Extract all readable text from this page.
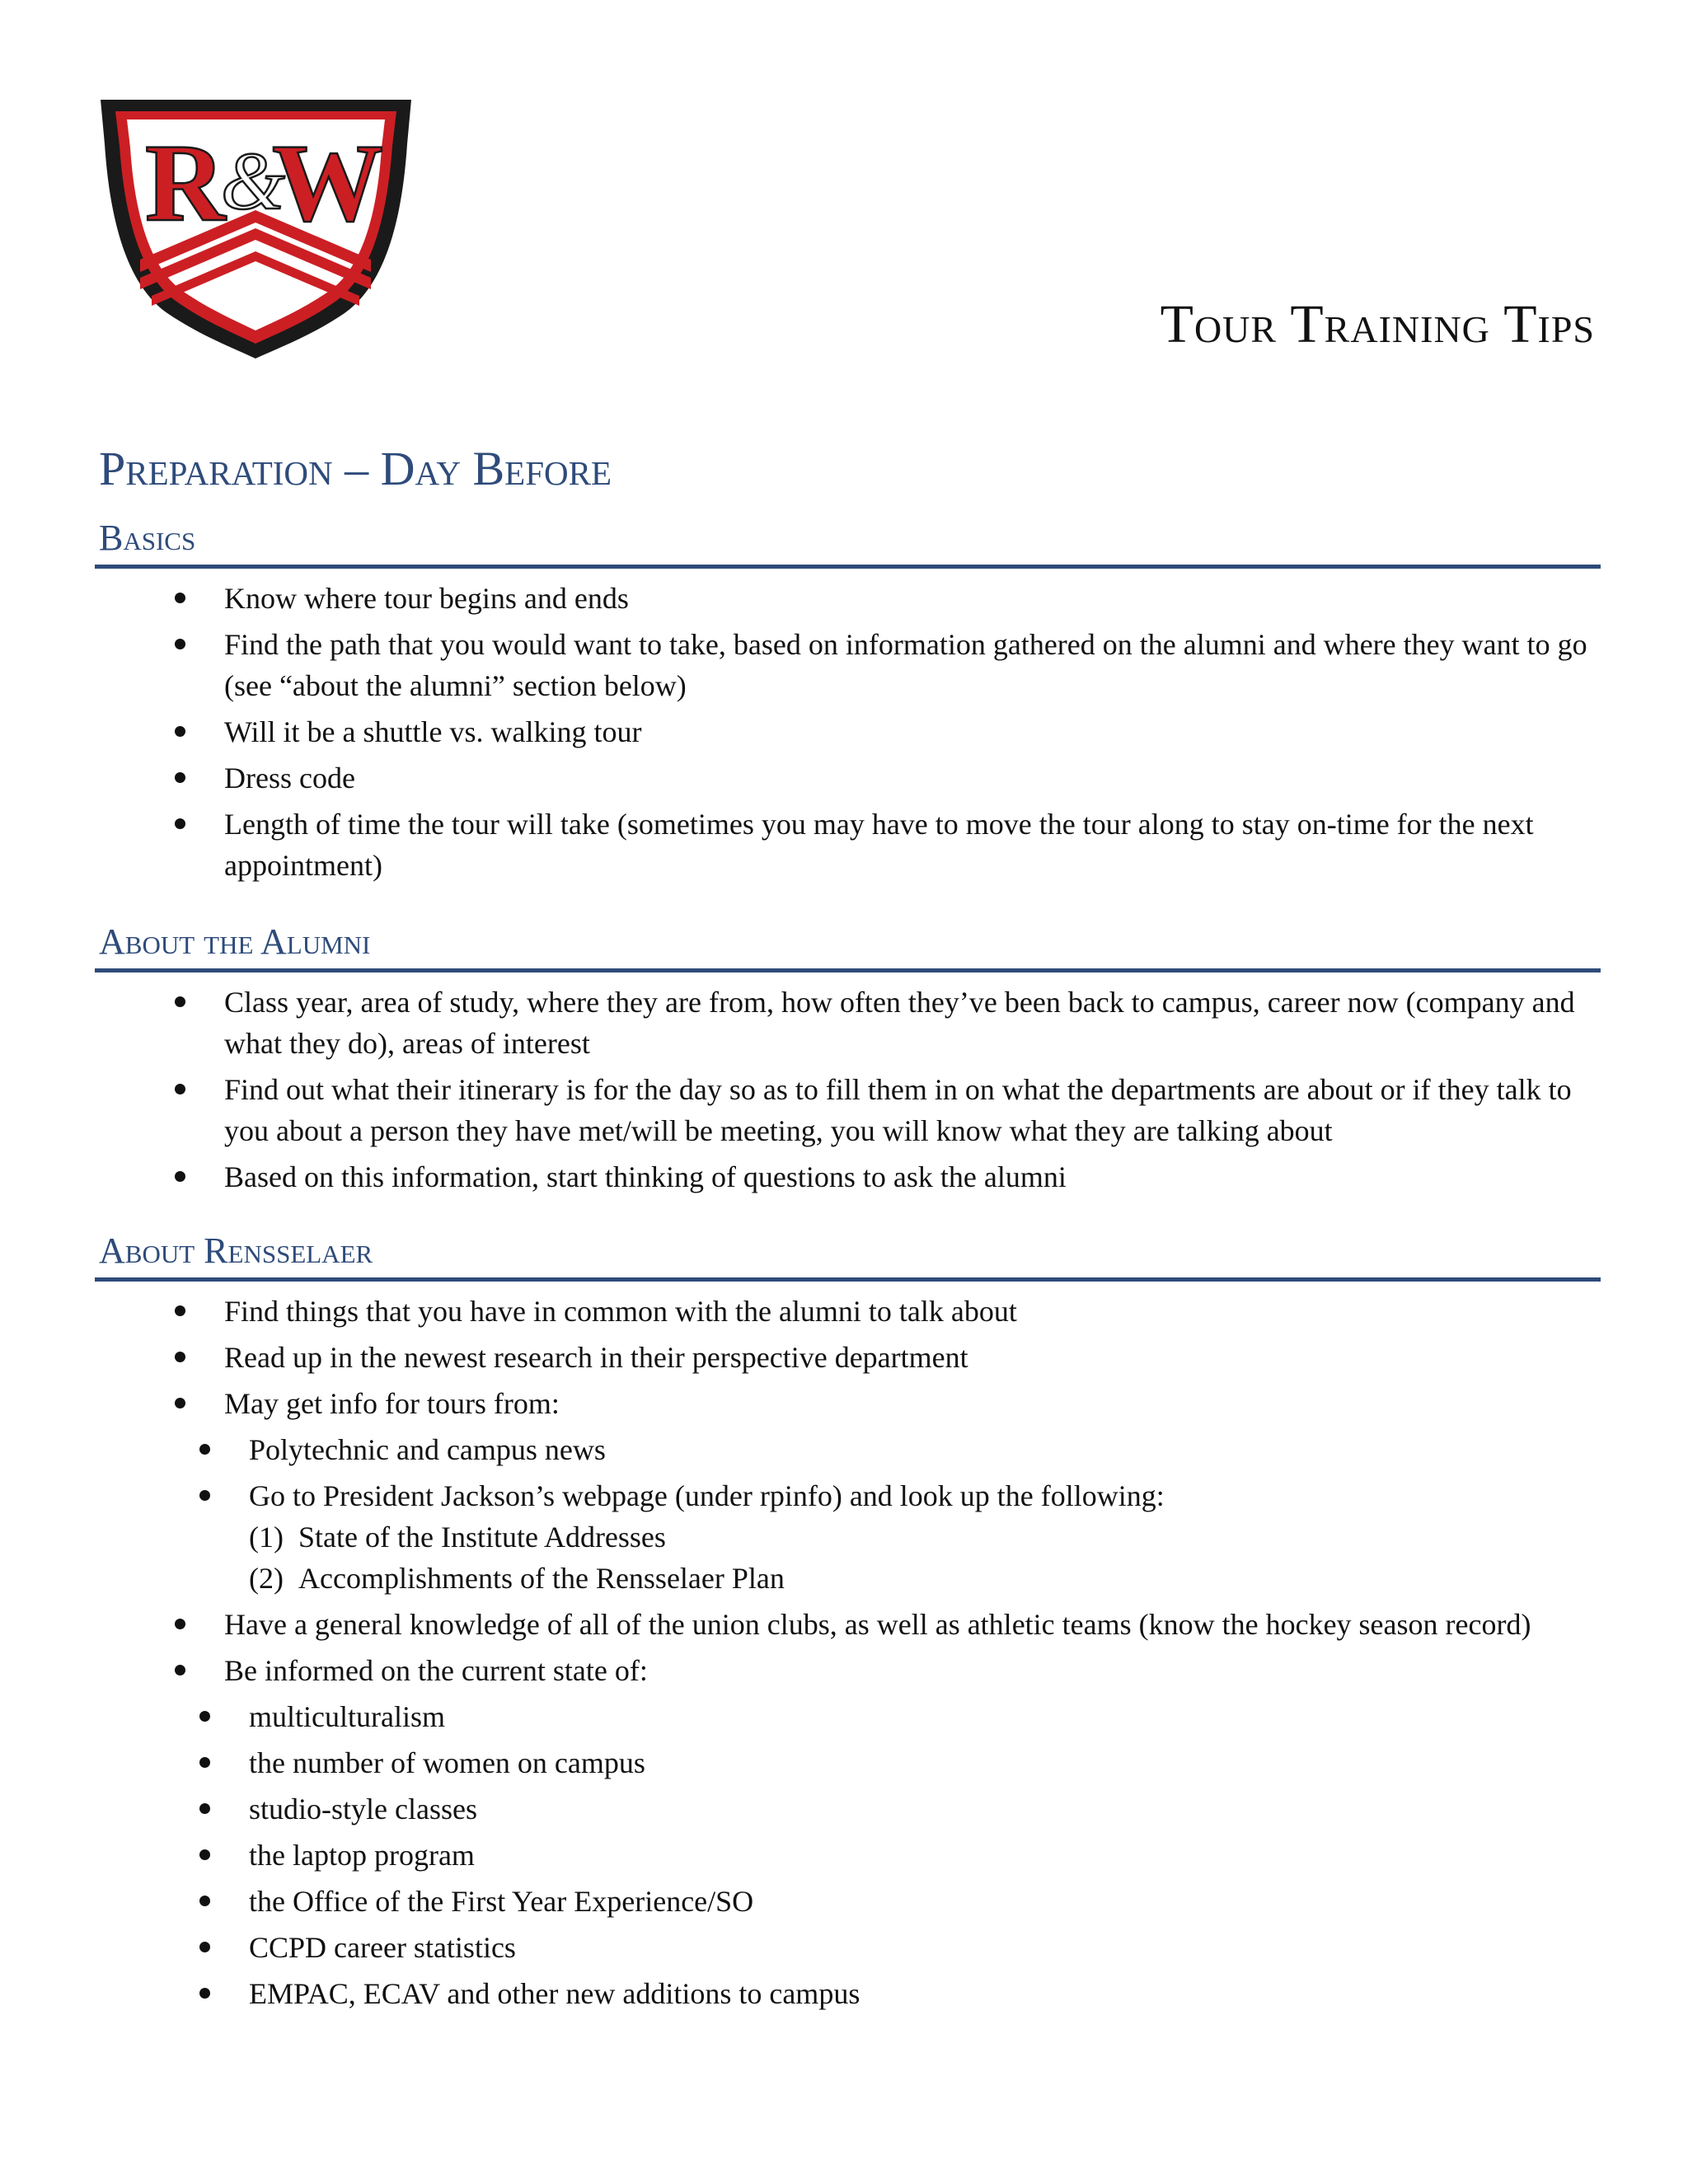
R
&
W
Tour Training Tips
Preparation – Day Before
Basics
Know where tour begins and ends
Find the path that you would want to take, based on information gathered on the alumni and where they want to go (see “about the alumni” section below)
Will it be a shuttle vs. walking tour
Dress code
Length of time the tour will take (sometimes you may have to move the tour along to stay on-time for the next appointment)
About the Alumni
Class year, area of study, where they are from, how often they’ve been back to campus, career now (company and what they do), areas of interest
Find out what their itinerary is for the day so as to fill them in on what the departments are about or if they talk to you about a person they have met/will be meeting, you will know what they are talking about
Based on this information, start thinking of questions to ask the alumni
About Rensselaer
Find things that you have in common with the alumni to talk about
Read up in the newest research in their perspective department
May get info for tours from:
Polytechnic and campus news
Go to President Jackson’s webpage (under rpinfo) and look up the following:
(1) State of the Institute Addresses
(2) Accomplishments of the Rensselaer Plan
Have a general knowledge of all of the union clubs, as well as athletic teams (know the hockey season record)
Be informed on the current state of:
multiculturalism
the number of women on campus
studio-style classes
the laptop program
the Office of the First Year Experience/SO
CCPD career statistics
EMPAC, ECAV and other new additions to campus
